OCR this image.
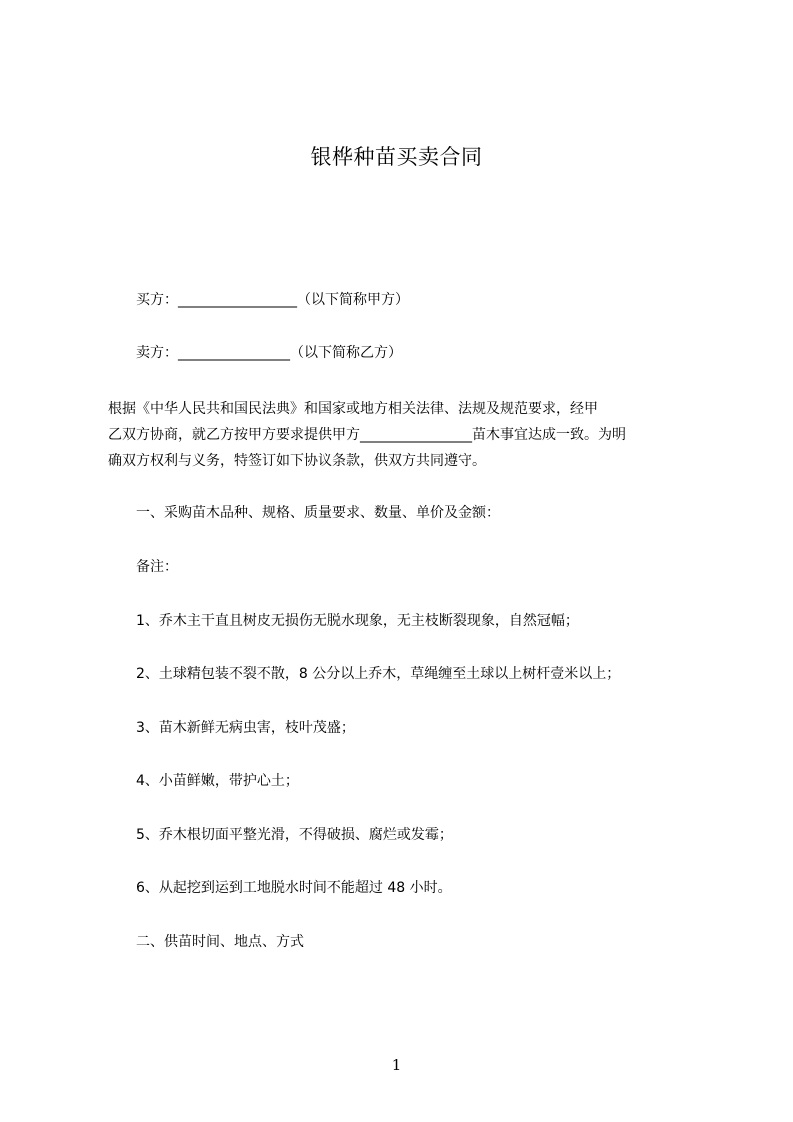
银桦种苗买卖合同
买方：_________________（以下简称甲方）
卖方：________________（以下简称乙方）
　根据《中华人民共和国民法典》和国家或地方相关法律、法规及规范要求，经甲
　乙双方协商，就乙方按甲方要求提供甲方________________苗木事宜达成一致。为明
　确双方权利与义务，特签订如下协议条款，供双方共同遵守。
一、采购苗木品种、规格、质量要求、数量、单价及金额：
备注：
1、乔木主干直且树皮无损伤无脱水现象，无主枝断裂现象，自然冠幅；
2、土球精包装不裂不散，8 公分以上乔木，草绳缠至土球以上树杆壹米以上；
3、苗木新鲜无病虫害，枝叶茂盛；
4、小苗鲜嫩，带护心土；
5、乔木根切面平整光滑，不得破损、腐烂或发霉；
6、从起挖到运到工地脱水时间不能超过 48 小时。
二、供苗时间、地点、方式
1
